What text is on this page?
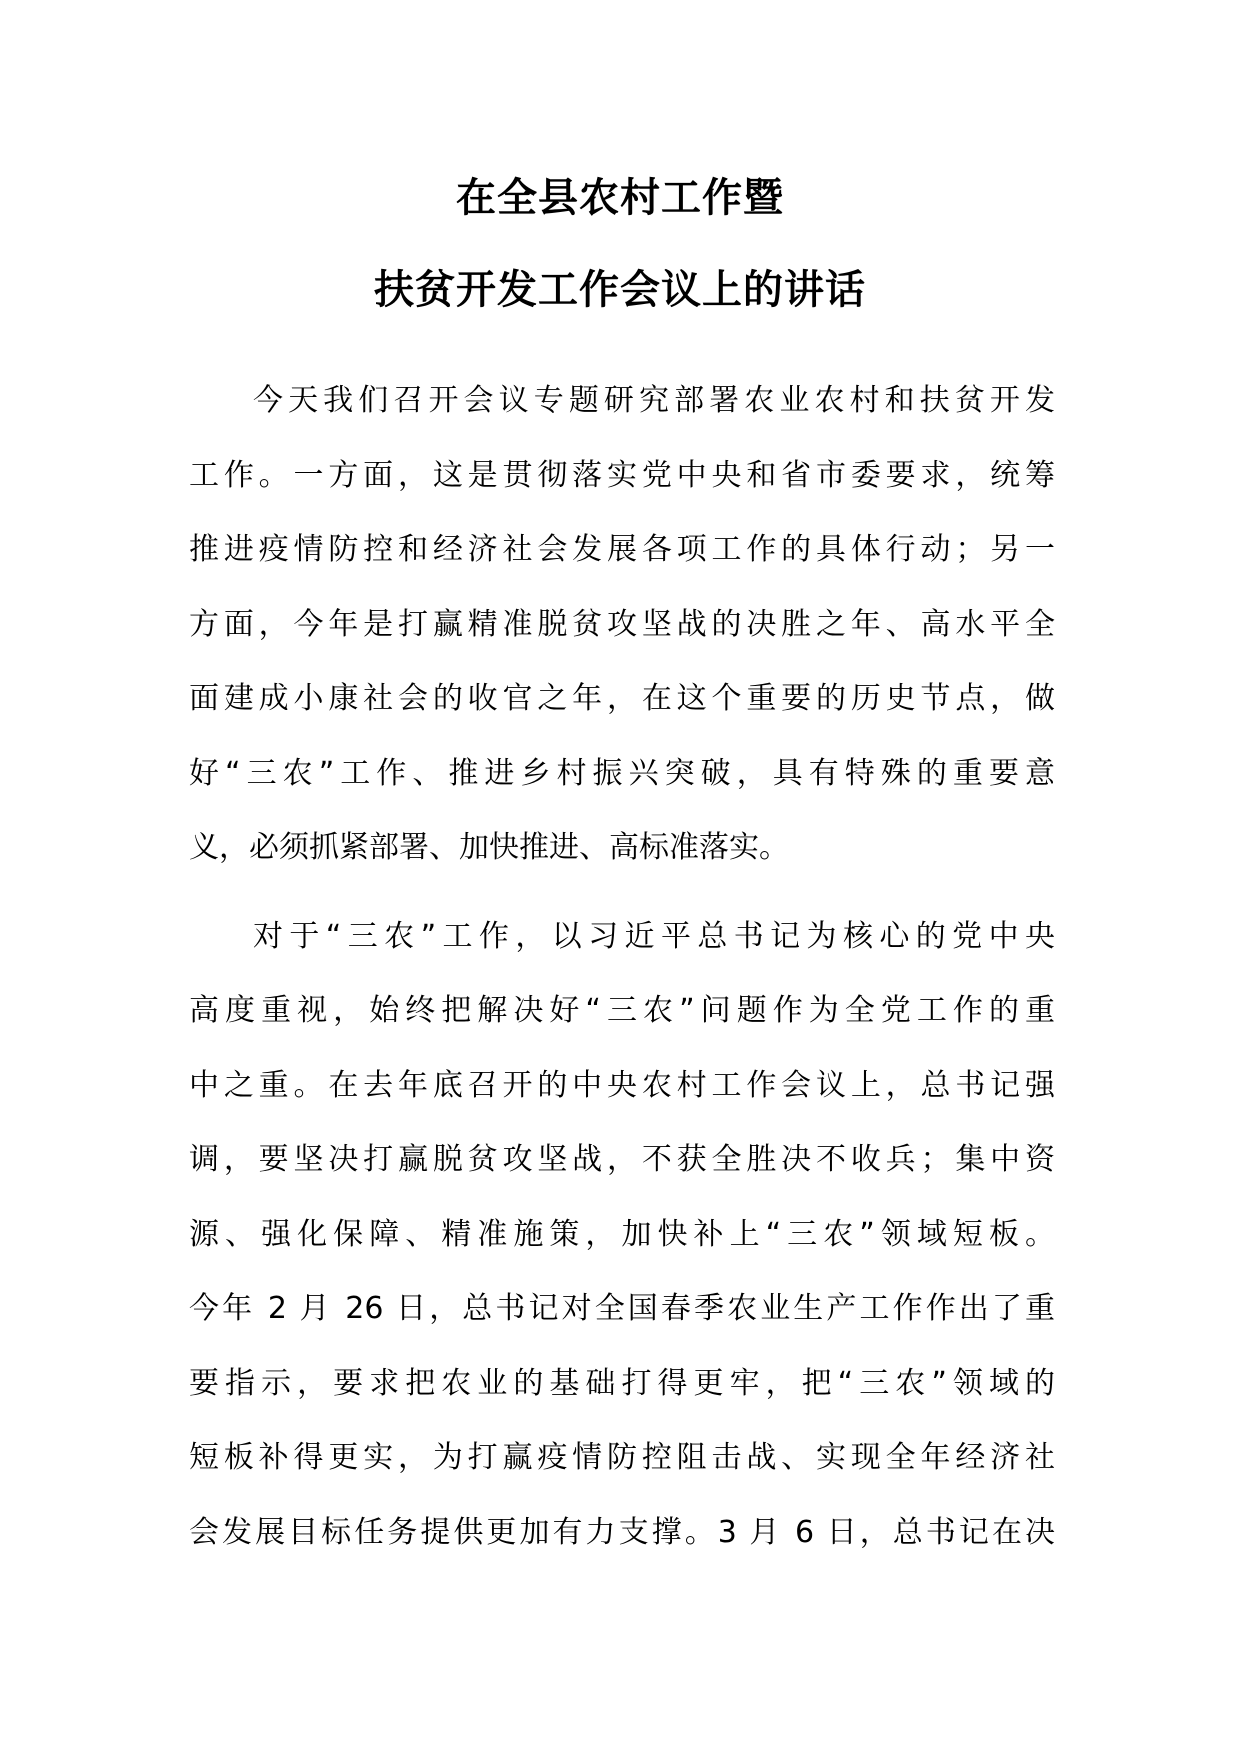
在全县农村工作暨
扶贫开发工作会议上的讲话
今天我们召开会议专题研究部署农业农村和扶贫开发
工作。一方面，这是贯彻落实党中央和省市委要求，统筹
推进疫情防控和经济社会发展各项工作的具体行动；另一
方面，今年是打赢精准脱贫攻坚战的决胜之年、高水平全
面建成小康社会的收官之年，在这个重要的历史节点，做
好“三农”工作、推进乡村振兴突破，具有特殊的重要意
义，必须抓紧部署、加快推进、高标准落实。
对于“三农”工作，以习近平总书记为核心的党中央
高度重视，始终把解决好“三农”问题作为全党工作的重
中之重。在去年底召开的中央农村工作会议上，总书记强
调，要坚决打赢脱贫攻坚战，不获全胜决不收兵；集中资
源、强化保障、精准施策，加快补上“三农”领域短板。
今年 2 月 26 日，总书记对全国春季农业生产工作作出了重
要指示，要求把农业的基础打得更牢，把“三农”领域的
短板补得更实，为打赢疫情防控阻击战、实现全年经济社
会发展目标任务提供更加有力支撑。3 月 6 日，总书记在决
